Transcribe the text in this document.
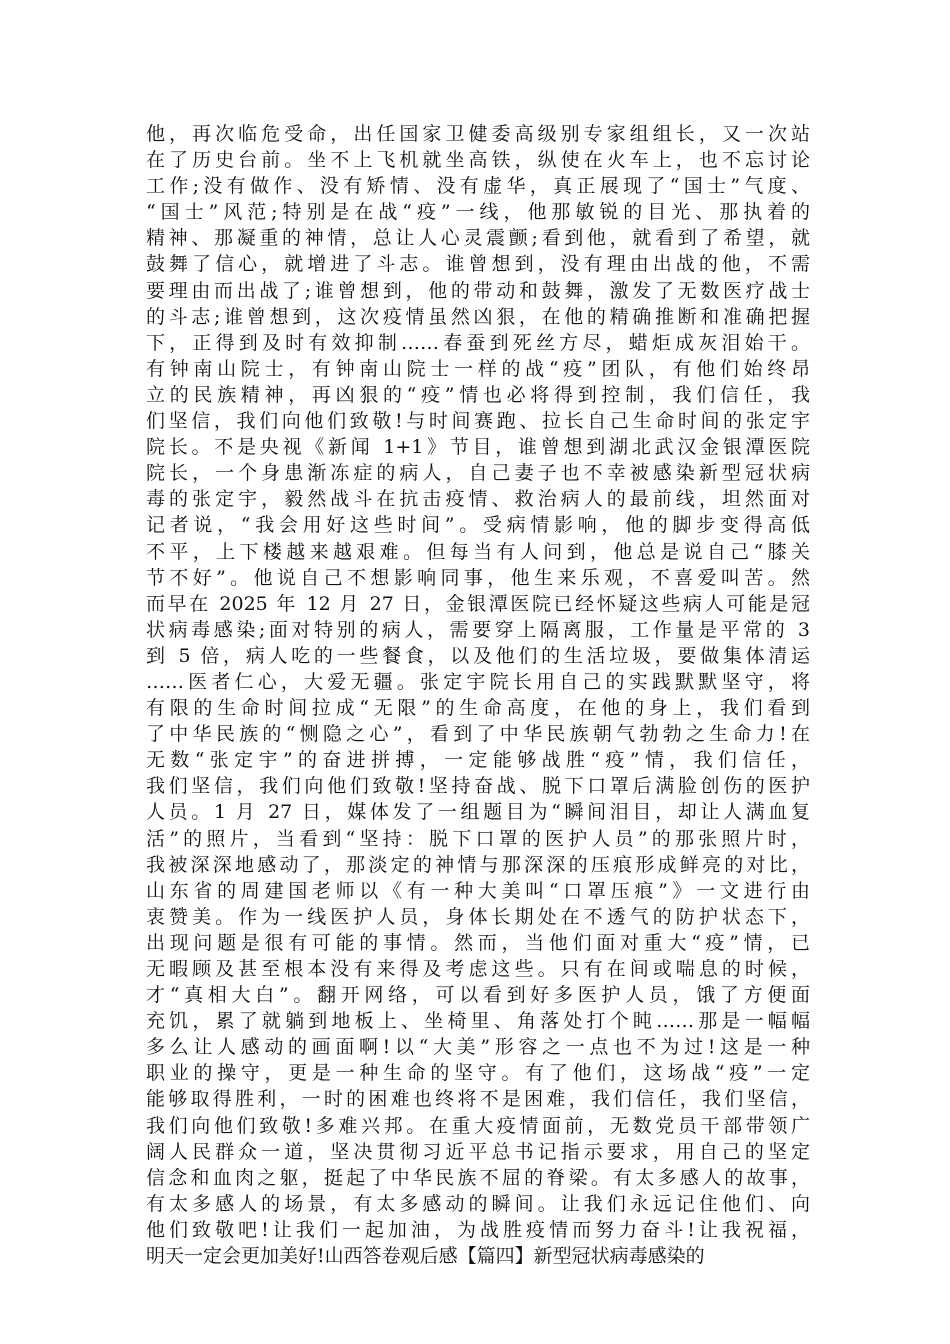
他，再次临危受命，出任国家卫健委高级别专家组组长，又一次站
在了历史台前。坐不上飞机就坐高铁，纵使在火车上，也不忘讨论
工作;没有做作、没有矫情、没有虚华，真正展现了“国士”气度、
“国士”风范;特别是在战“疫”一线，他那敏锐的目光、那执着的
精神、那凝重的神情，总让人心灵震颤;看到他，就看到了希望，就
鼓舞了信心，就增进了斗志。谁曾想到，没有理由出战的他，不需
要理由而出战了;谁曾想到，他的带动和鼓舞，激发了无数医疗战士
的斗志;谁曾想到，这次疫情虽然凶狠，在他的精确推断和准确把握
下，正得到及时有效抑制……春蚕到死丝方尽，蜡炬成灰泪始干。
有钟南山院士，有钟南山院士一样的战“疫”团队，有他们始终昂
立的民族精神，再凶狠的“疫”情也必将得到控制，我们信任，我
们坚信，我们向他们致敬!与时间赛跑、拉长自己生命时间的张定宇
院长。不是央视《新闻 1+1》节目，谁曾想到湖北武汉金银潭医院
院长，一个身患渐冻症的病人，自己妻子也不幸被感染新型冠状病
毒的张定宇，毅然战斗在抗击疫情、救治病人的最前线，坦然面对
记者说，“我会用好这些时间”。受病情影响，他的脚步变得高低
不平，上下楼越来越艰难。但每当有人问到，他总是说自己“膝关
节不好”。他说自己不想影响同事，他生来乐观，不喜爱叫苦。然
而早在 2025 年 12 月 27 日，金银潭医院已经怀疑这些病人可能是冠
状病毒感染;面对特别的病人，需要穿上隔离服，工作量是平常的 3
到 5 倍，病人吃的一些餐食，以及他们的生活垃圾，要做集体清运
……医者仁心，大爱无疆。张定宇院长用自己的实践默默坚守，将
有限的生命时间拉成“无限”的生命高度，在他的身上，我们看到
了中华民族的“恻隐之心”，看到了中华民族朝气勃勃之生命力!在
无数“张定宇”的奋进拼搏，一定能够战胜“疫”情，我们信任，
我们坚信，我们向他们致敬!坚持奋战、脱下口罩后满脸创伤的医护
人员。1 月 27 日，媒体发了一组题目为“瞬间泪目，却让人满血复
活”的照片，当看到“坚持：脱下口罩的医护人员”的那张照片时，
我被深深地感动了，那淡定的神情与那深深的压痕形成鲜亮的对比，
山东省的周建国老师以《有一种大美叫“口罩压痕”》一文进行由
衷赞美。作为一线医护人员，身体长期处在不透气的防护状态下，
出现问题是很有可能的事情。然而，当他们面对重大“疫”情，已
无暇顾及甚至根本没有来得及考虑这些。只有在间或喘息的时候，
才“真相大白”。翻开网络，可以看到好多医护人员，饿了方便面
充饥，累了就躺到地板上、坐椅里、角落处打个盹……那是一幅幅
多么让人感动的画面啊!以“大美”形容之一点也不为过!这是一种
职业的操守，更是一种生命的坚守。有了他们，这场战“疫”一定
能够取得胜利，一时的困难也终将不是困难，我们信任，我们坚信，
我们向他们致敬!多难兴邦。在重大疫情面前，无数党员干部带领广
阔人民群众一道，坚决贯彻习近平总书记指示要求，用自己的坚定
信念和血肉之躯，挺起了中华民族不屈的脊梁。有太多感人的故事，
有太多感人的场景，有太多感动的瞬间。让我们永远记住他们、向
他们致敬吧!让我们一起加油，为战胜疫情而努力奋斗!让我祝福，
明天一定会更加美好!山西答卷观后感【篇四】新型冠状病毒感染的
